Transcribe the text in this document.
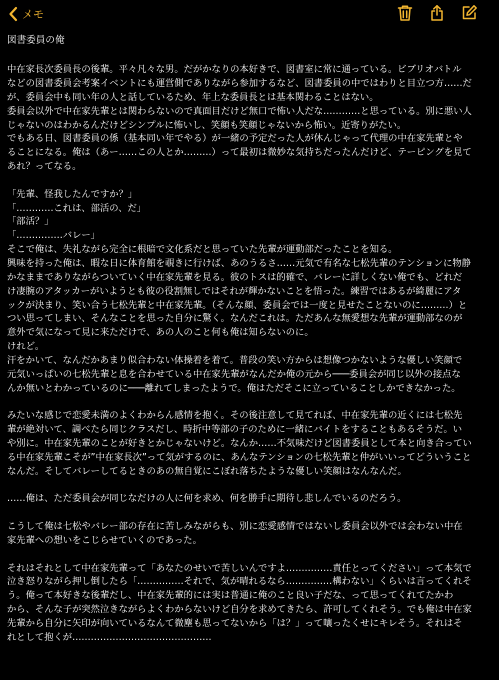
メモ
図書委員の俺
中在家長次委員長の後輩。平々凡々な男。だがかなりの本好きで、図書室に常に通っている。ビブリオバトル
などの図書委員会考案イベントにも運営側でありながら参加するなど、図書委員の中ではわりと目立つ方……だ
が、委員会中も同い年の人と話しているため、年上な委員長とは基本関わることはない。
委員会以外で中在家先輩とは関わらないので真面目だけど無口で怖い人だな…………と思っている。別に悪い人
じゃないのはわかるんだけどシンプルに怖いし、笑顔も笑顔じゃないから怖い。近寄りがたい。
でもある日、図書委員の係（基本同い年でやる）が一緒の予定だった人が休んじゃって代理の中在家先輩とや
ることになる。俺は（あー……この人とか………）って最初は微妙な気持ちだったんだけど、テーピングを見て
あれ？ってなる。

「先輩、怪我したんですか？」
「…………これは、部活の、だ」
「部活？」
「……………バレー」
そこで俺は、失礼ながら完全に根暗で文化系だと思っていた先輩が運動部だったことを知る。
興味を持った俺は、暇な日に体育館を覗きに行けば、あのうるさ……元気で有名な七松先輩のテンションに物静
かなままでありながらついていく中在家先輩を見る。彼のトスは的確で、バレーに詳しくない俺でも、どれだ
け凄腕のアタッカーがいようとも彼の役割無しではそれが輝かないことを悟った。練習ではあるが綺麗にアタ
ックが決まり、笑い合う七松先輩と中在家先輩。（そんな顔、委員会では一度と見せたことないのに………）と
つい思ってしまい、そんなことを思った自分に驚く。なんだこれは。ただあんな無愛想な先輩が運動部なのが
意外で気になって見に来ただけで、あの人のこと何も俺は知らないのに。
けれど。
汗をかいて、なんだかあまり似合わない体操着を着て。普段の笑い方からは想像つかないような優しい笑顔で
元気いっぱいの七松先輩と息を合わせている中在家先輩がなんだか俺の元から───委員会が同じ以外の接点な
んか無いとわかっているのに───離れてしまったようで。俺はただそこに立っていることしかできなかった。

みたいな感じで恋愛未満のよくわからん感情を抱く。その後注意して見てれば、中在家先輩の近くには七松先
輩が絶対いて、調べたら同じクラスだし、時折中等部の子のために一緒にバイトをすることもあるそうだ。い
や別に。中在家先輩のことが好きとかじゃないけど。なんか……不気味だけど図書委員として本と向き合ってい
る中在家先輩こそが”中在家長次”って気がするのに、あんなテンションの七松先輩と仲がいいってどういうこと
なんだ。そしてバレーしてるときのあの無自覚にこぼれ落ちたような優しい笑顔はなんなんだ。

……俺は、ただ委員会が同じなだけの人に何を求め、何を勝手に期待し悲しんでいるのだろう。

こうして俺は七松やバレー部の存在に苦しみながらも、別に恋愛感情ではないし委員会以外では会わない中在
家先輩への想いをこじらせていくのであった。

それはそれとして中在家先輩って「あなたのせいで苦しいんですよ……………責任とってください」って本気で
泣き怒りながら押し倒したら「……………それで、気が晴れるなら……………構わない」くらいは言ってくれそ
う。俺って本好きな後輩だし、中在家先輩的には実は普通に俺のこと良い子だな、って思ってくれてたかわ
から、そんな子が突然泣きながらよくわからないけど自分を求めてきたら、許可してくれそう。でも俺は中在家
先輩から自分に矢印が向いているなんて微塵も思ってないから「は？」って嚷ったくせにキレそう。それはそ
れとして抱くが………………………………………
